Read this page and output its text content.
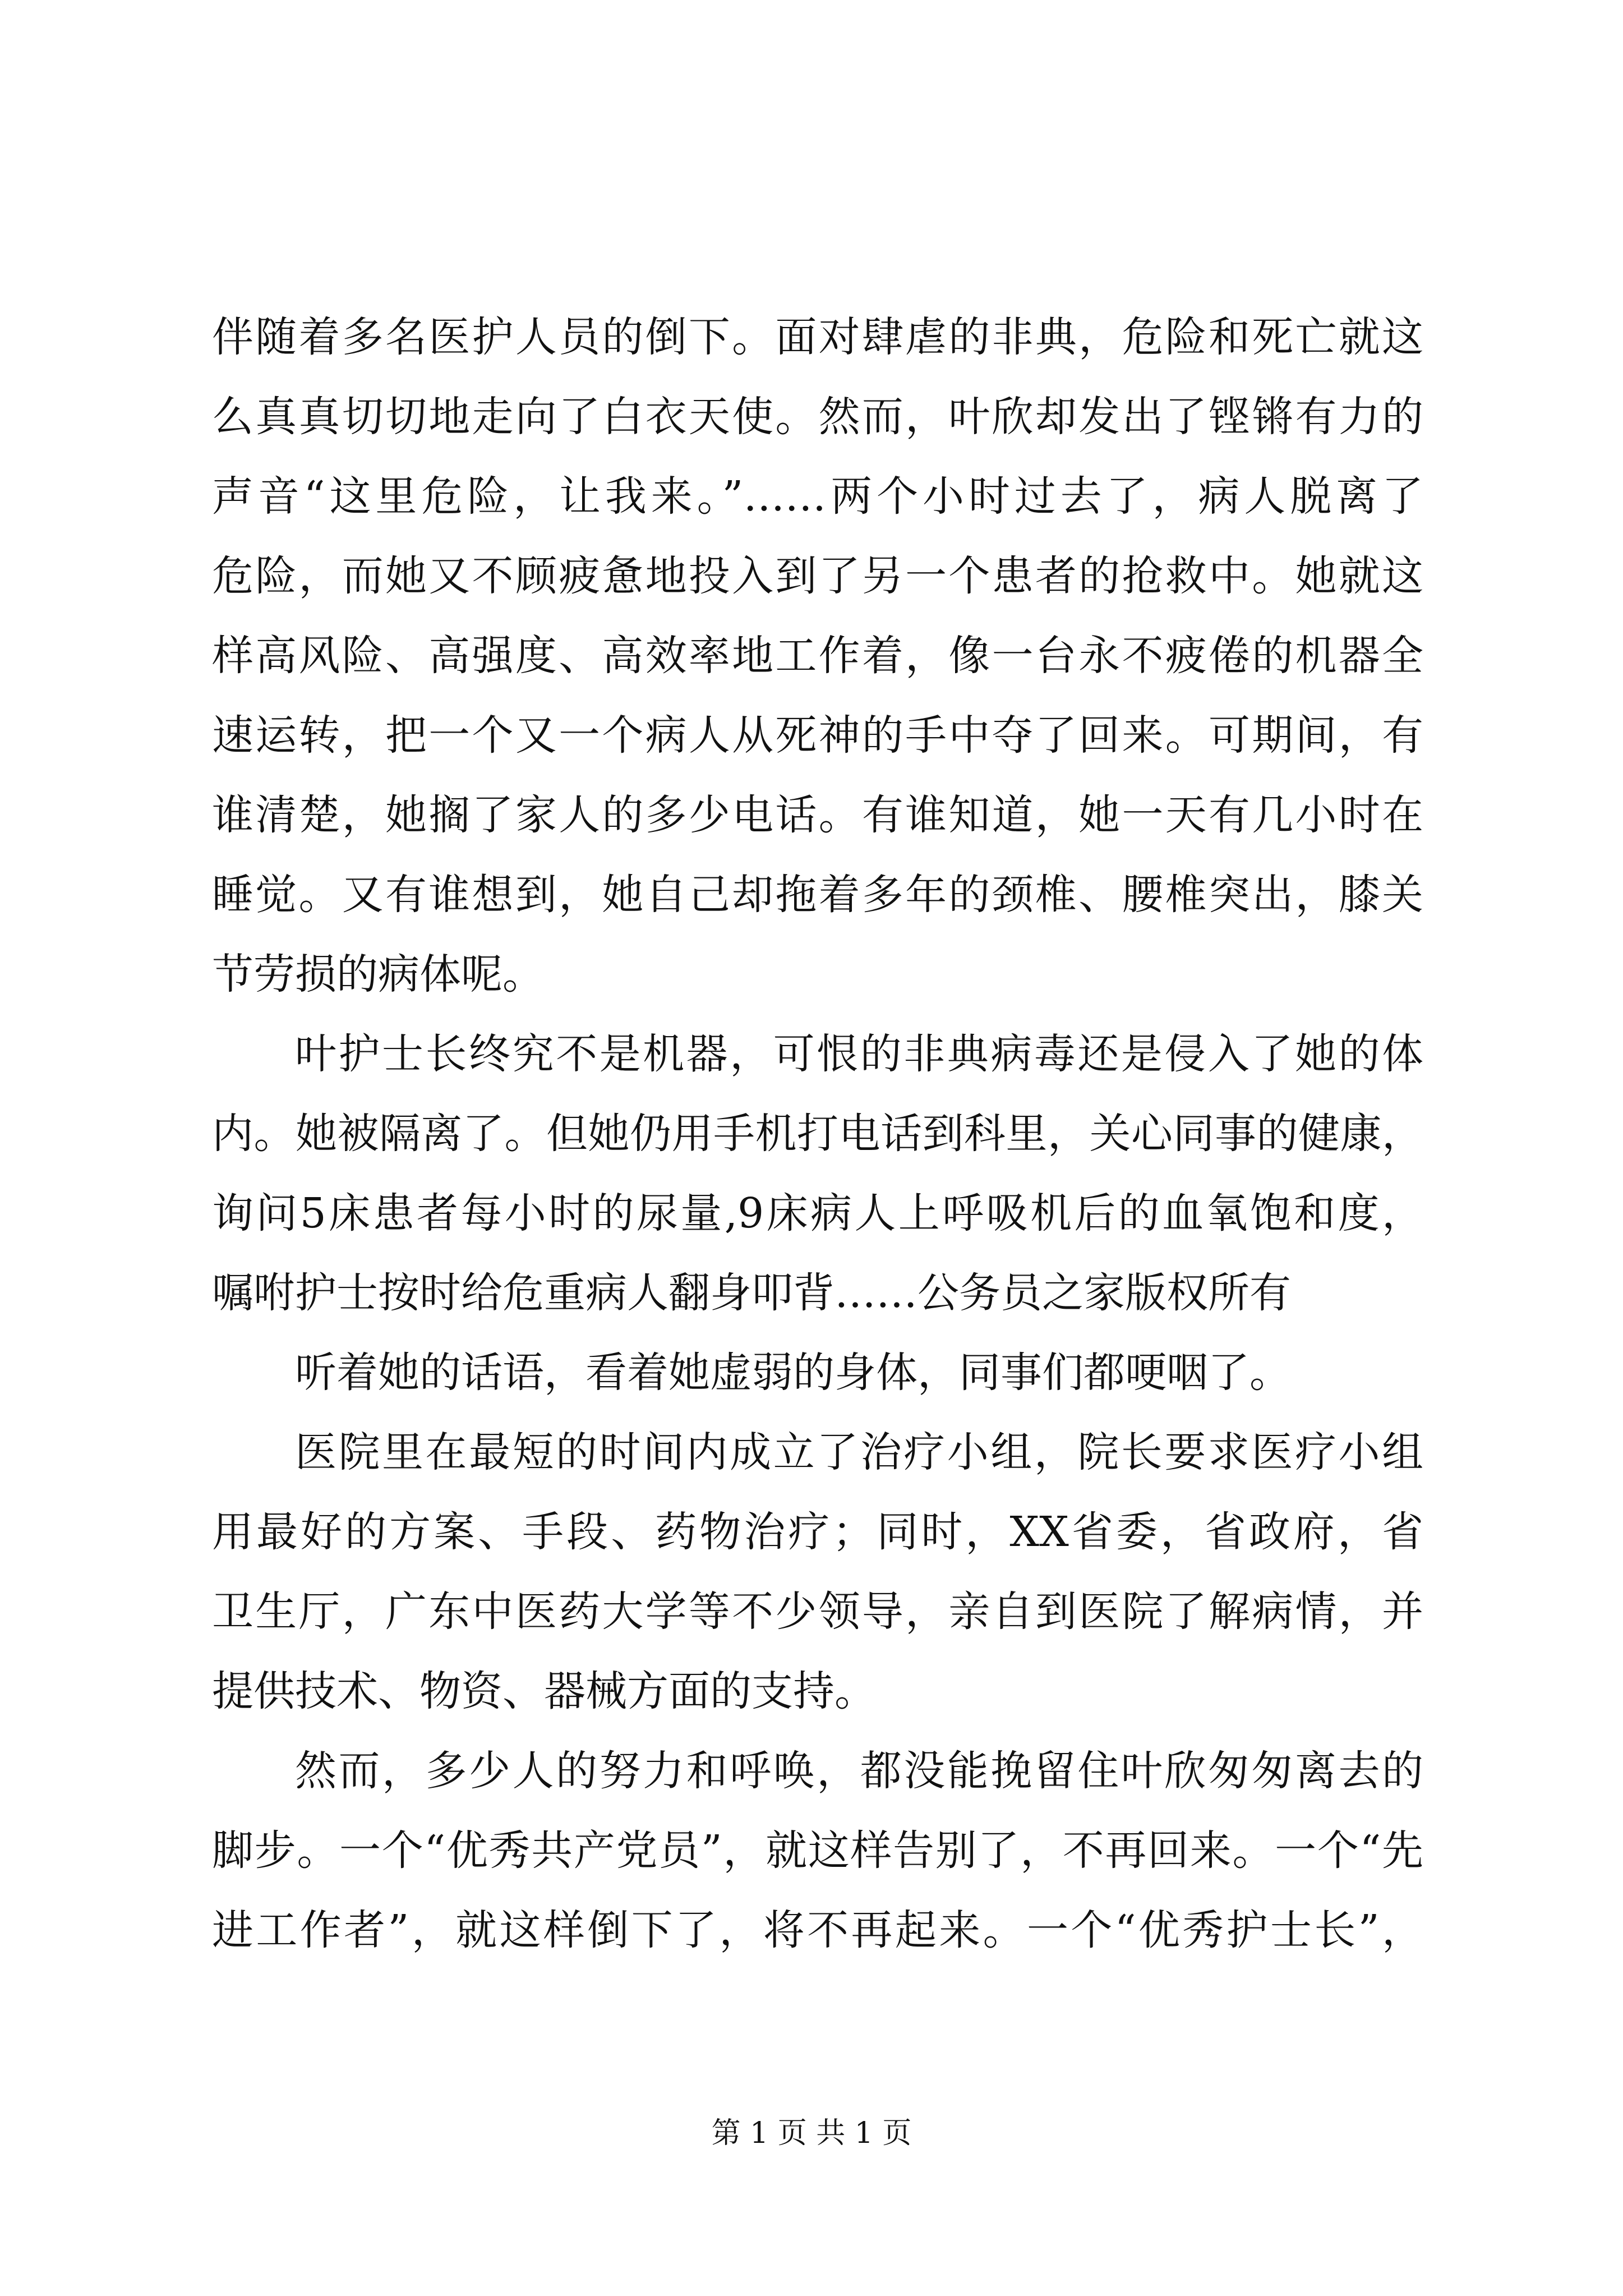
伴随着多名医护人员的倒下。面对肆虐的非典，危险和死亡就这
么真真切切地走向了白衣天使。然而，叶欣却发出了铿锵有力的
声音“这里危险，让我来。”……两个小时过去了，病人脱离了
危险，而她又不顾疲惫地投入到了另一个患者的抢救中。她就这
样高风险、高强度、高效率地工作着，像一台永不疲倦的机器全
速运转，把一个又一个病人从死神的手中夺了回来。可期间，有
谁清楚，她搁了家人的多少电话。有谁知道，她一天有几小时在
睡觉。又有谁想到，她自己却拖着多年的颈椎、腰椎突出，膝关
节劳损的病体呢。
叶护士长终究不是机器，可恨的非典病毒还是侵入了她的体
内。她被隔离了。但她仍用手机打电话到科里，关心同事的健康，
询问5床患者每小时的尿量,9床病人上呼吸机后的血氧饱和度，
嘱咐护士按时给危重病人翻身叩背……公务员之家版权所有
听着她的话语，看着她虚弱的身体，同事们都哽咽了。
医院里在最短的时间内成立了治疗小组，院长要求医疗小组
用最好的方案、手段、药物治疗；同时，XX省委，省政府，省
卫生厅，广东中医药大学等不少领导，亲自到医院了解病情，并
提供技术、物资、器械方面的支持。
然而，多少人的努力和呼唤，都没能挽留住叶欣匆匆离去的
脚步。一个“优秀共产党员”，就这样告别了，不再回来。一个“先
进工作者”，就这样倒下了，将不再起来。一个“优秀护士长”，
第 1 页 共 1 页
